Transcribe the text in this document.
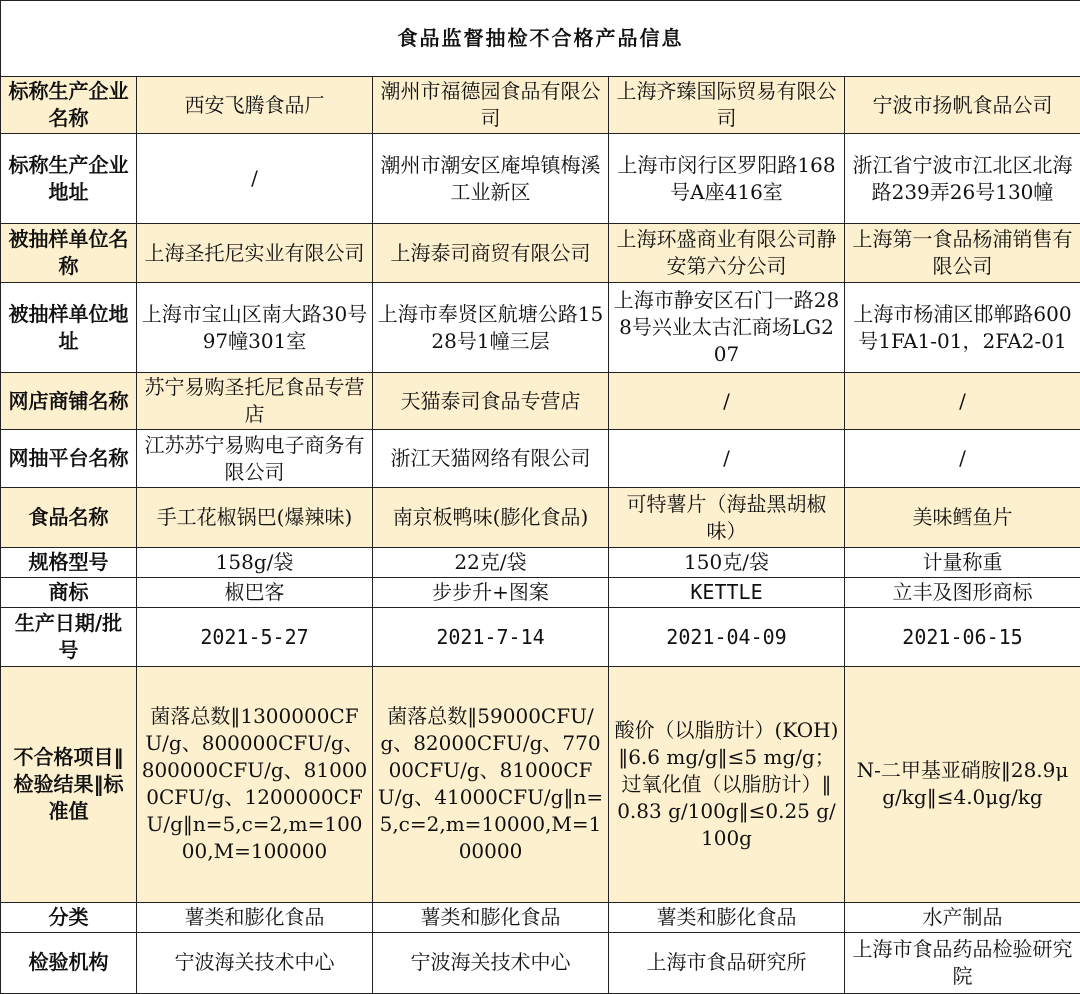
食品监督抽检不合格产品信息				
标称生产企业名称	西安飞腾食品厂	潮州市福德园食品有限公司	上海齐臻国际贸易有限公司	宁波市扬帆食品公司
标称生产企业地址	/	潮州市潮安区庵埠镇梅溪工业新区	上海市闵行区罗阳路168号A座416室	浙江省宁波市江北区北海路239弄26号130幢
被抽样单位名称	上海圣托尼实业有限公司	上海泰司商贸有限公司	上海环盛商业有限公司静安第六分公司	上海第一食品杨浦销售有限公司
被抽样单位地址	上海市宝山区南大路30号97幢301室	上海市奉贤区航塘公路1528号1幢三层	上海市静安区石门一路288号兴业太古汇商场LG207	上海市杨浦区邯郸路600号1FA1-01，2FA2-01
网店商铺名称	苏宁易购圣托尼食品专营店	天猫泰司食品专营店	/	/
网抽平台名称	江苏苏宁易购电子商务有限公司	浙江天猫网络有限公司	/	/
食品名称	手工花椒锅巴(爆辣味)	南京板鸭味(膨化食品)	可特薯片（海盐黑胡椒味）	美味鳕鱼片
规格型号	158g/袋	22克/袋	150克/袋	计量称重
商标	椒巴客	步步升+图案	KETTLE	立丰及图形商标
生产日期/批号	2021-5-27	2021-7-14	2021-04-09	2021-06-15
不合格项目‖检验结果‖标准值	菌落总数‖1300000CFU/g、800000CFU/g、800000CFU/g、810000CFU/g、1200000CFU/g‖n=5,c=2,m=10000,M=100000	菌落总数‖59000CFU/g、82000CFU/g、77000CFU/g、81000CFU/g、41000CFU/g‖n=5,c=2,m=10000,M=100000	酸价（以脂肪计）(KOH)‖6.6 mg/g‖≤5 mg/g；过氧化值（以脂肪计）‖0.83 g/100g‖≤0.25 g/100g	N-二甲基亚硝胺‖28.9μg/kg‖≤4.0μg/kg
分类	薯类和膨化食品	薯类和膨化食品	薯类和膨化食品	水产制品
检验机构	宁波海关技术中心	宁波海关技术中心	上海市食品研究所	上海市食品药品检验研究院
